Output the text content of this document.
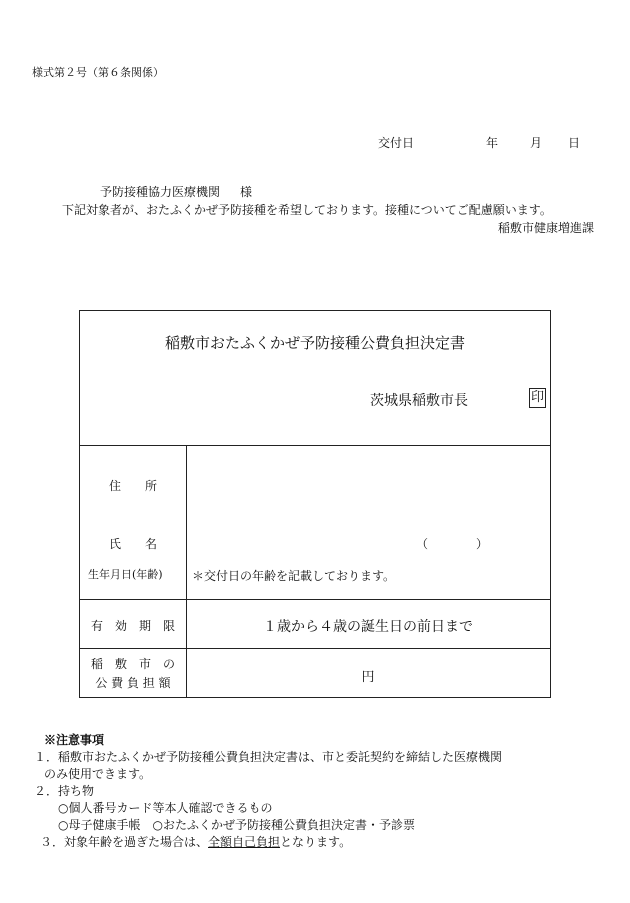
様式第２号（第６条関係）
交付日	年	月 日
予防接種協力医療機関 様
下記対象者が、おたふくかぜ予防接種を希望しております。接種についてご配慮願います。
稲敷市健康増進課
稲敷市おたふくかぜ予防接種公費負担決定書
茨城県稲敷市長	印
住　　所
氏　　名	（　　　　）
生年月日(年齢) ＊交付日の年齢を記載しております。
有　効　期　限	１歳から４歳の誕生日の前日まで
稲　敷　市　の
公 費 負 担 額	円
※注意事項
１．稲敷市おたふくかぜ予防接種公費負担決定書は、市と委託契約を締結した医療機関
のみ使用できます。
２．持ち物
○個人番号カード等本人確認できるもの
○母子健康手帳　○おたふくかぜ予防接種公費負担決定書・予診票
３．対象年齢を過ぎた場合は、全額自己負担となります。
